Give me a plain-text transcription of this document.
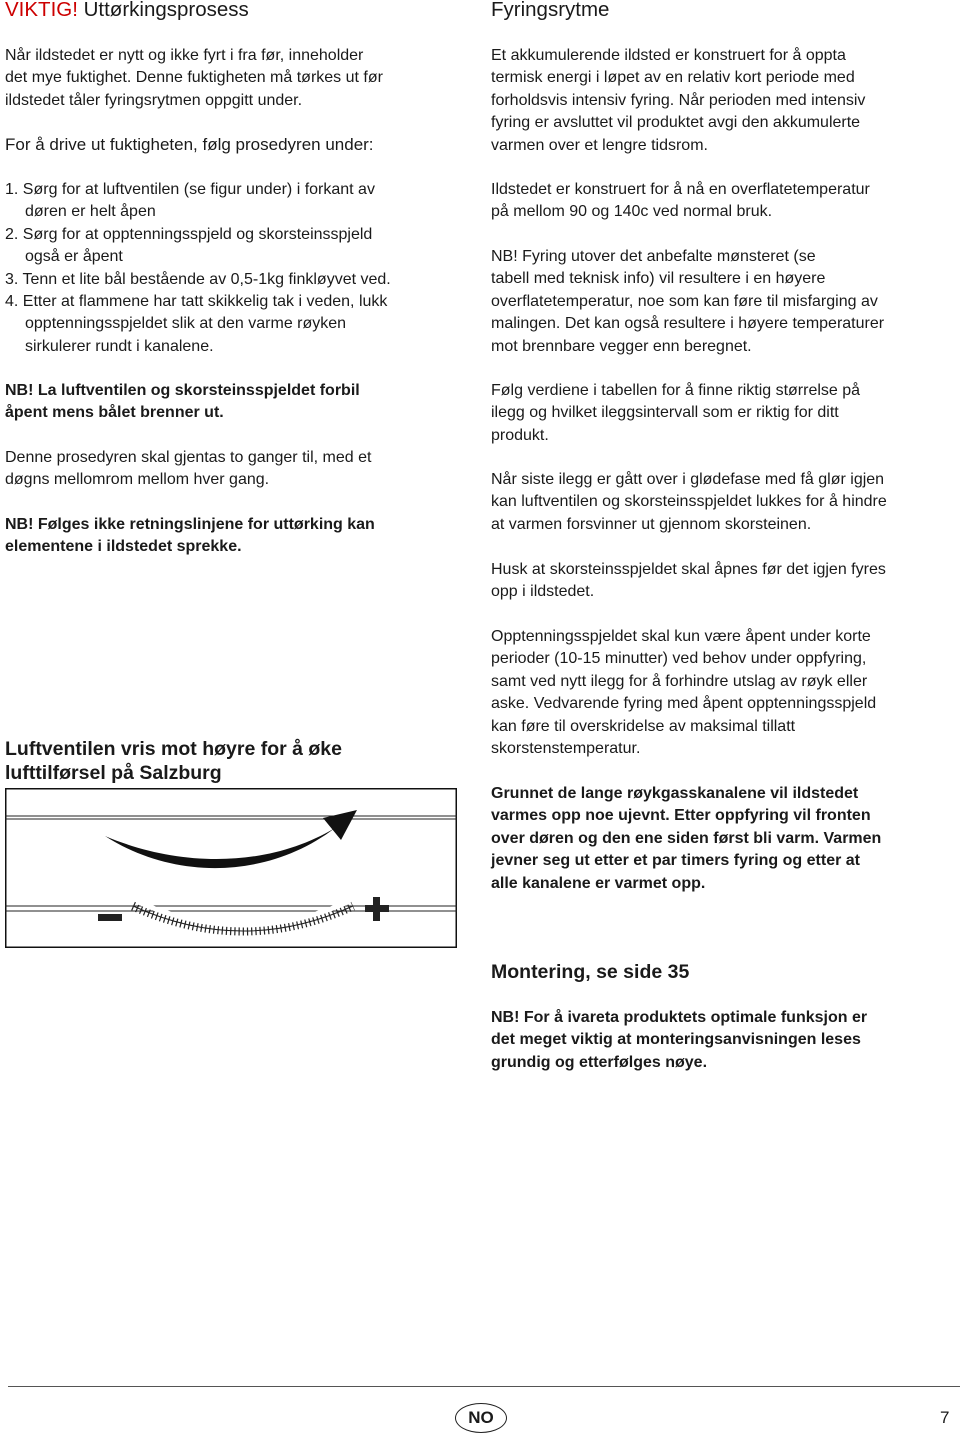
VIKTIG! Uttørkingsprosess

Når ildstedet er nytt og ikke fyrt i fra før, inneholder

det mye fuktighet. Denne fuktigheten må tørkes ut før

ildstedet tåler fyringsrytmen oppgitt under.

For å drive ut fuktigheten, følg prosedyren under:

1. Sørg for at luftventilen (se figur under) i forkant av

døren er helt åpen

2. Sørg for at opptenningsspjeld og skorsteinsspjeld

også er åpent

3. Tenn et lite bål bestående av 0,5-1kg finkløyvet ved.

4. Etter at flammene har tatt skikkelig tak i veden, lukk

opptenningsspjeldet slik at den varme røyken

sirkulerer rundt i kanalene.

NB! La luftventilen og skorsteinsspjeldet forbil

åpent mens bålet brenner ut.

Denne prosedyren skal gjentas to ganger til, med et

døgns mellomrom mellom hver gang.

NB! Følges ikke retningslinjene for uttørking kan

elementene i ildstedet sprekke.

Luftventilen vris mot høyre for å øke

lufttilførsel på Salzburg

Fyringsrytme

Et akkumulerende ildsted er konstruert for å oppta

termisk energi i løpet av en relativ kort periode med

forholdsvis intensiv fyring. Når perioden med intensiv

fyring er avsluttet vil produktet avgi den akkumulerte

varmen over et lengre tidsrom.

Ildstedet er konstruert for å nå en overflatetemperatur

på mellom 90 og 140c ved normal bruk.

NB! Fyring utover det anbefalte mønsteret (se

tabell med teknisk info) vil resultere i en høyere

overflatetemperatur, noe som kan føre til misfarging av

malingen. Det kan også resultere i høyere temperaturer

mot brennbare vegger enn beregnet.

Følg verdiene i tabellen for å finne riktig størrelse på

ilegg og hvilket ileggsintervall som er riktig for ditt

produkt.

Når siste ilegg er gått over i glødefase med få glør igjen

kan luftventilen og skorsteinsspjeldet lukkes for å hindre

at varmen forsvinner ut gjennom skorsteinen.

Husk at skorsteinsspjeldet skal åpnes før det igjen fyres

opp i ildstedet.

Opptenningsspjeldet skal kun være åpent under korte

perioder (10-15 minutter) ved behov under oppfyring,

samt ved nytt ilegg for å forhindre utslag av røyk eller

aske. Vedvarende fyring med åpent opptenningsspjeld

kan føre til overskridelse av maksimal tillatt

skorstenstemperatur.

Grunnet de lange røykgasskanalene vil ildstedet

varmes opp noe ujevnt. Etter oppfyring vil fronten

over døren og den ene siden først bli varm. Varmen

jevner seg ut etter et par timers fyring og etter at

alle kanalene er varmet opp.

Montering, se side 35

NB! For å ivareta produktets optimale funksjon er

det meget viktig at monteringsanvisningen leses

grundig og etterfølges nøye.

NO	7
